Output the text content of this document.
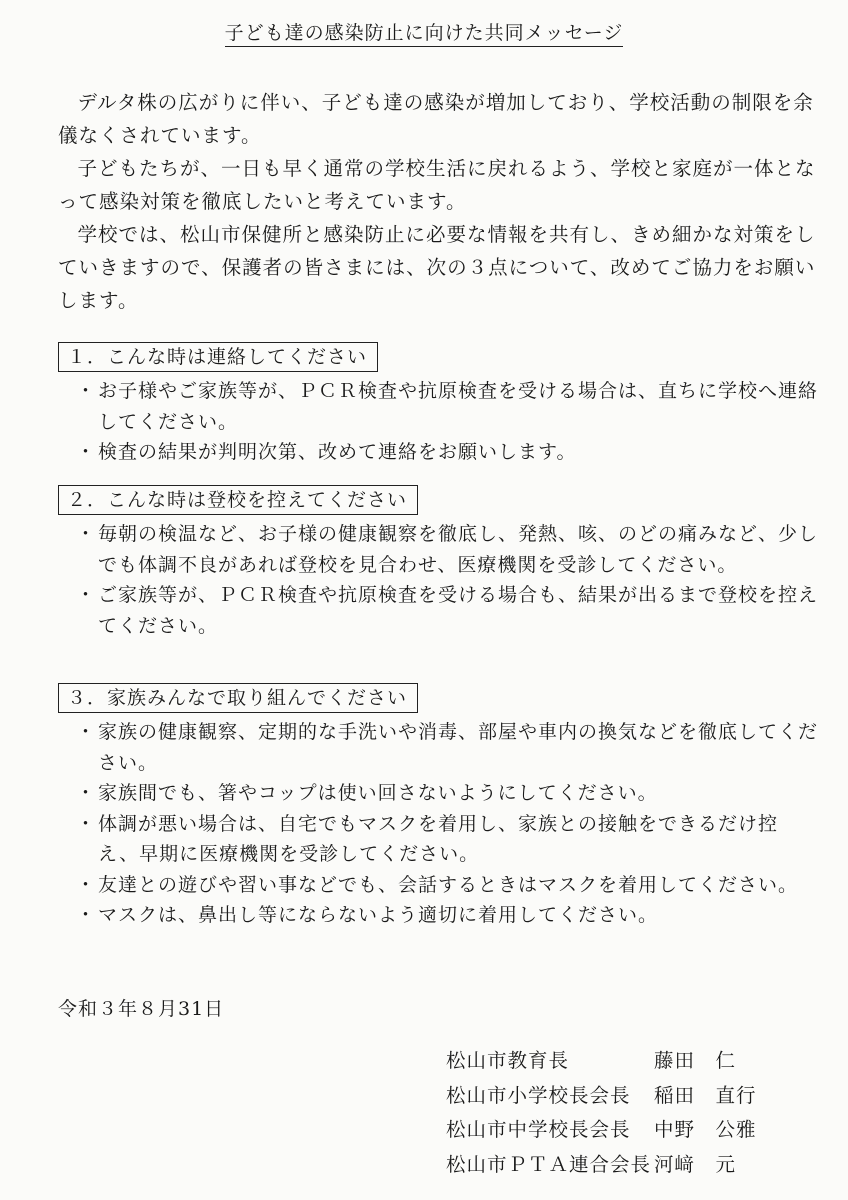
子ども達の感染防止に向けた共同メッセージ

デルタ株の広がりに伴い、子ども達の感染が増加しており、学校活動の制限を余儀なくされています。

子どもたちが、一日も早く通常の学校生活に戻れるよう、学校と家庭が一体となって感染対策を徹底したいと考えています。

学校では、松山市保健所と感染防止に必要な情報を共有し、きめ細かな対策をしていきますので、保護者の皆さまには、次の３点について、改めてご協力をお願いします。

１．こんな時は連絡してください
・ お子様やご家族等が、ＰＣＲ検査や抗原検査を受ける場合は、直ちに学校へ連絡してください。
・ 検査の結果が判明次第、改めて連絡をお願いします。
２．こんな時は登校を控えてください
・ 毎朝の検温など、お子様の健康観察を徹底し、発熱、咳、のどの痛みなど、少しでも体調不良があれば登校を見合わせ、医療機関を受診してください。
・ ご家族等が、ＰＣＲ検査や抗原検査を受ける場合も、結果が出るまで登校を控えてください。
３．家族みんなで取り組んでください
・ 家族の健康観察、定期的な手洗いや消毒、部屋や車内の換気などを徹底してください。
・ 家族間でも、箸やコップは使い回さないようにしてください。
・ 体調が悪い場合は、自宅でもマスクを着用し、家族との接触をできるだけ控え、早期に医療機関を受診してください。
・ 友達との遊びや習い事などでも、会話するときはマスクを着用してください。
・ マスクは、鼻出し等にならないよう適切に着用してください。
令和３年８月31日
松山市教育長	藤田　仁
松山市小学校長会長	稲田　直行
松山市中学校長会長	中野　公雅
松山市ＰＴＡ連合会長 河﨑　元
